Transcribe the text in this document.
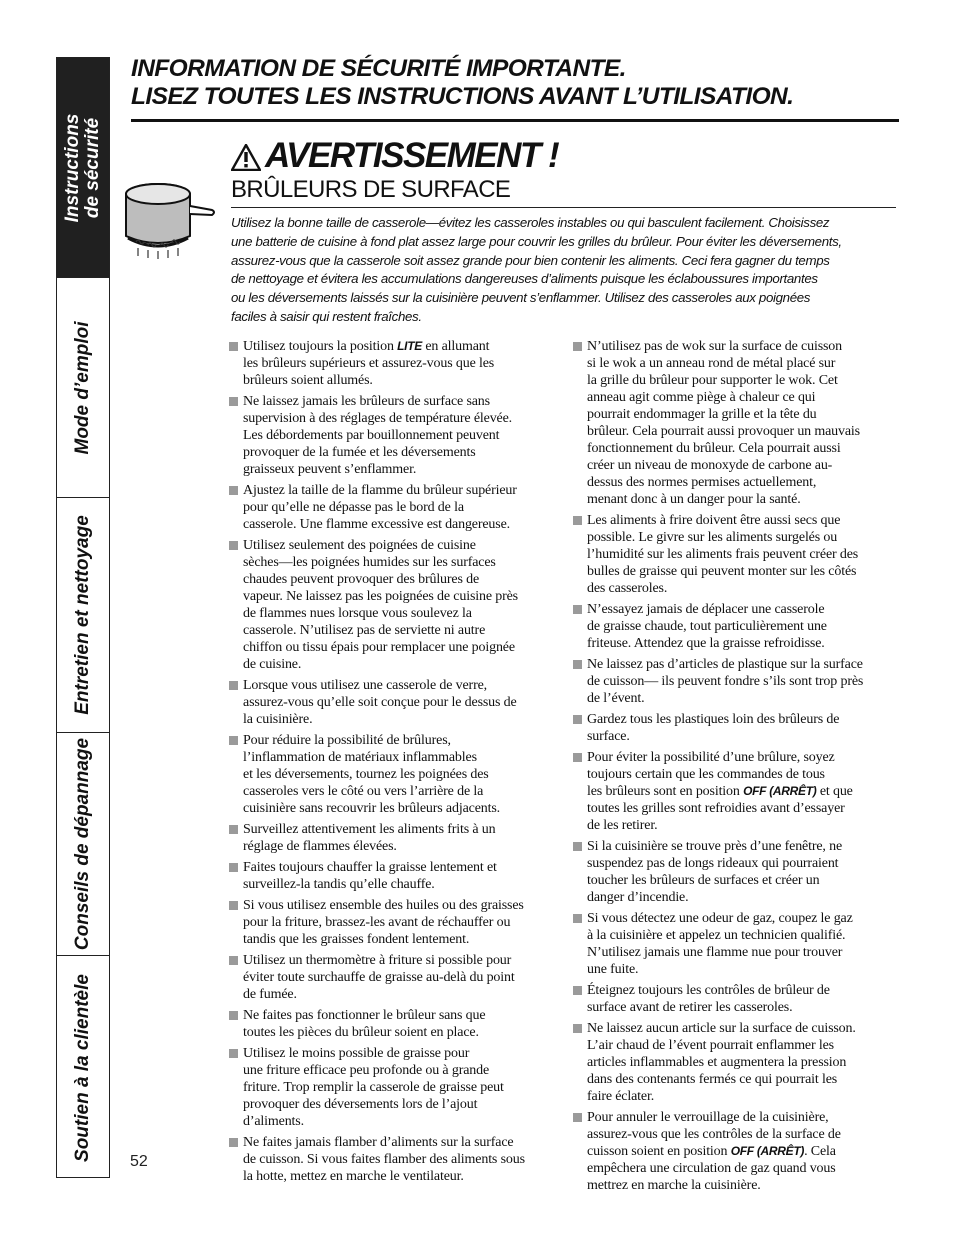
Instructions de sécurité
Mode d’emploi
Entretien et nettoyage
Conseils de dépannage
Soutien à la clientèle
INFORMATION DE SÉCURITÉ IMPORTANTE.
LISEZ TOUTES LES INSTRUCTIONS AVANT L’UTILISATION.
AVERTISSEMENT !
BRÛLEURS DE SURFACE
Utilisez la bonne taille de casserole—évitez les casseroles instables ou qui basculent facilement. Choisissez
une batterie de cuisine à fond plat assez large pour couvrir les grilles du brûleur. Pour éviter les déversements,
assurez-vous que la casserole soit assez grande pour bien contenir les aliments. Ceci fera gagner du temps
de nettoyage et évitera les accumulations dangereuses d’aliments puisque les éclaboussures importantes
ou les déversements laissés sur la cuisinière peuvent s’enflammer. Utilisez des casseroles aux poignées
faciles à saisir qui restent fraîches.
Utilisez toujours la position LITE en allumant
les brûleurs supérieurs et assurez-vous que les
brûleurs soient allumés.
Ne laissez jamais les brûleurs de surface sans
supervision à des réglages de température élevée.
Les débordements par bouillonnement peuvent
provoquer de la fumée et les déversements
graisseux peuvent s’enflammer.
Ajustez la taille de la flamme du brûleur supérieur
pour qu’elle ne dépasse pas le bord de la
casserole. Une flamme excessive est dangereuse.
Utilisez seulement des poignées de cuisine
sèches—les poignées humides sur les surfaces
chaudes peuvent provoquer des brûlures de
vapeur. Ne laissez pas les poignées de cuisine près
de flammes nues lorsque vous soulevez la
casserole. N’utilisez pas de serviette ni autre
chiffon ou tissu épais pour remplacer une poignée
de cuisine.
Lorsque vous utilisez une casserole de verre,
assurez-vous qu’elle soit conçue pour le dessus de
la cuisinière.
Pour réduire la possibilité de brûlures,
l’inflammation de matériaux inflammables
et les déversements, tournez les poignées des
casseroles vers le côté ou vers l’arrière de la
cuisinière sans recouvrir les brûleurs adjacents.
Surveillez attentivement les aliments frits à un
réglage de flammes élevées.
Faites toujours chauffer la graisse lentement et
surveillez-la tandis qu’elle chauffe.
Si vous utilisez ensemble des huiles ou des graisses
pour la friture, brassez-les avant de réchauffer ou
tandis que les graisses fondent lentement.
Utilisez un thermomètre à friture si possible pour
éviter toute surchauffe de graisse au-delà du point
de fumée.
Ne faites pas fonctionner le brûleur sans que
toutes les pièces du brûleur soient en place.
Utilisez le moins possible de graisse pour
une friture efficace peu profonde ou à grande
friture. Trop remplir la casserole de graisse peut
provoquer des déversements lors de l’ajout
d’aliments.
Ne faites jamais flamber d’aliments sur la surface
de cuisson. Si vous faites flamber des aliments sous
la hotte, mettez en marche le ventilateur.
N’utilisez pas de wok sur la surface de cuisson
si le wok a un anneau rond de métal placé sur
la grille du brûleur pour supporter le wok. Cet
anneau agit comme piège à chaleur ce qui
pourrait endommager la grille et la tête du
brûleur. Cela pourrait aussi provoquer un mauvais
fonctionnement du brûleur. Cela pourrait aussi
créer un niveau de monoxyde de carbone au-
dessus des normes permises actuellement,
menant donc à un danger pour la santé.
Les aliments à frire doivent être aussi secs que
possible. Le givre sur les aliments surgelés ou
l’humidité sur les aliments frais peuvent créer des
bulles de graisse qui peuvent monter sur les côtés
des casseroles.
N’essayez jamais de déplacer une casserole
de graisse chaude, tout particulièrement une
friteuse. Attendez que la graisse refroidisse.
Ne laissez pas d’articles de plastique sur la surface
de cuisson— ils peuvent fondre s’ils sont trop près
de l’évent.
Gardez tous les plastiques loin des brûleurs de
surface.
Pour éviter la possibilité d’une brûlure, soyez
toujours certain que les commandes de tous
les brûleurs sont en position OFF (ARRÊT) et que
toutes les grilles sont refroidies avant d’essayer
de les retirer.
Si la cuisinière se trouve près d’une fenêtre, ne
suspendez pas de longs rideaux qui pourraient
toucher les brûleurs de surfaces et créer un
danger d’incendie.
Si vous détectez une odeur de gaz, coupez le gaz
à la cuisinière et appelez un technicien qualifié.
N’utilisez jamais une flamme nue pour trouver
une fuite.
Éteignez toujours les contrôles de brûleur de
surface avant de retirer les casseroles.
Ne laissez aucun article sur la surface de cuisson.
L’air chaud de l’évent pourrait enflammer les
articles inflammables et augmentera la pression
dans des contenants fermés ce qui pourrait les
faire éclater.
Pour annuler le verrouillage de la cuisinière,
assurez-vous que les contrôles de la surface de
cuisson soient en position OFF (ARRÊT). Cela
empêchera une circulation de gaz quand vous
mettrez en marche la cuisinière.
52
